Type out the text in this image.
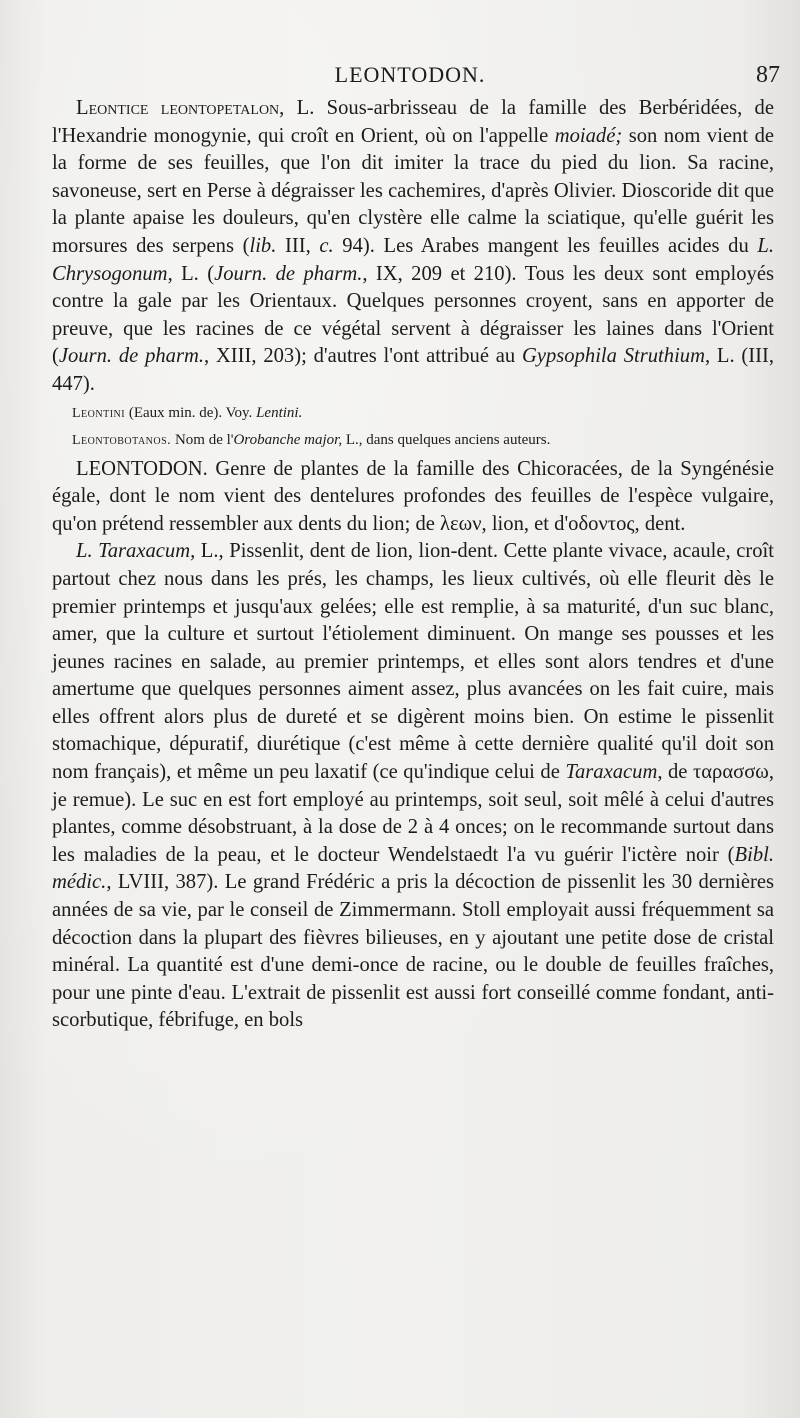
LEONTODON.	87

Leontice leontopetalon, L. Sous-arbrisseau de la famille des Berbéridées, de l'Hexandrie monogynie, qui croît en Orient, où on l'appelle moiadé; son nom vient de la forme de ses feuilles, que l'on dit imiter la trace du pied du lion. Sa racine, savoneuse, sert en Perse à dégraisser les cachemires, d'après Olivier. Dioscoride dit que la plante apaise les douleurs, qu'en clystère elle calme la sciatique, qu'elle guérit les morsures des serpens (lib. III, c. 94). Les Arabes mangent les feuilles acides du L. Chrysogonum, L. (Journ. de pharm., IX, 209 et 210). Tous les deux sont employés contre la gale par les Orientaux. Quelques personnes croyent, sans en apporter de preuve, que les racines de ce végétal servent à dégraisser les laines dans l'Orient (Journ. de pharm., XIII, 203); d'autres l'ont attribué au Gypsophila Struthium, L. (III, 447).

Leontini (Eaux min. de). Voy. Lentini.

Leontobotanos. Nom de l'Orobanche major, L., dans quelques anciens auteurs.

LEONTODON. Genre de plantes de la famille des Chicoracées, de la Syngénésie égale, dont le nom vient des dentelures profondes des feuilles de l'espèce vulgaire, qu'on prétend ressembler aux dents du lion; de λεων, lion, et d'οδοντος, dent.

L. Taraxacum, L., Pissenlit, dent de lion, lion-dent. Cette plante vivace, acaule, croît partout chez nous dans les prés, les champs, les lieux cultivés, où elle fleurit dès le premier printemps et jusqu'aux gelées; elle est remplie, à sa maturité, d'un suc blanc, amer, que la culture et surtout l'étiolement diminuent. On mange ses pousses et les jeunes racines en salade, au premier printemps, et elles sont alors tendres et d'une amertume que quelques personnes aiment assez, plus avancées on les fait cuire, mais elles offrent alors plus de dureté et se digèrent moins bien. On estime le pissenlit stomachique, dépuratif, diurétique (c'est même à cette dernière qualité qu'il doit son nom français), et même un peu laxatif (ce qu'indique celui de Taraxacum, de ταρασσω, je remue). Le suc en est fort employé au printemps, soit seul, soit mêlé à celui d'autres plantes, comme désobstruant, à la dose de 2 à 4 onces; on le recommande surtout dans les maladies de la peau, et le docteur Wendelstaedt l'a vu guérir l'ictère noir (Bibl. médic., LVIII, 387). Le grand Frédéric a pris la décoction de pissenlit les 30 dernières années de sa vie, par le conseil de Zimmermann. Stoll employait aussi fréquemment sa décoction dans la plupart des fièvres bilieuses, en y ajoutant une petite dose de cristal minéral. La quantité est d'une demi-once de racine, ou le double de feuilles fraîches, pour une pinte d'eau. L'extrait de pissenlit est aussi fort conseillé comme fondant, anti-scorbutique, fébrifuge, en bols
